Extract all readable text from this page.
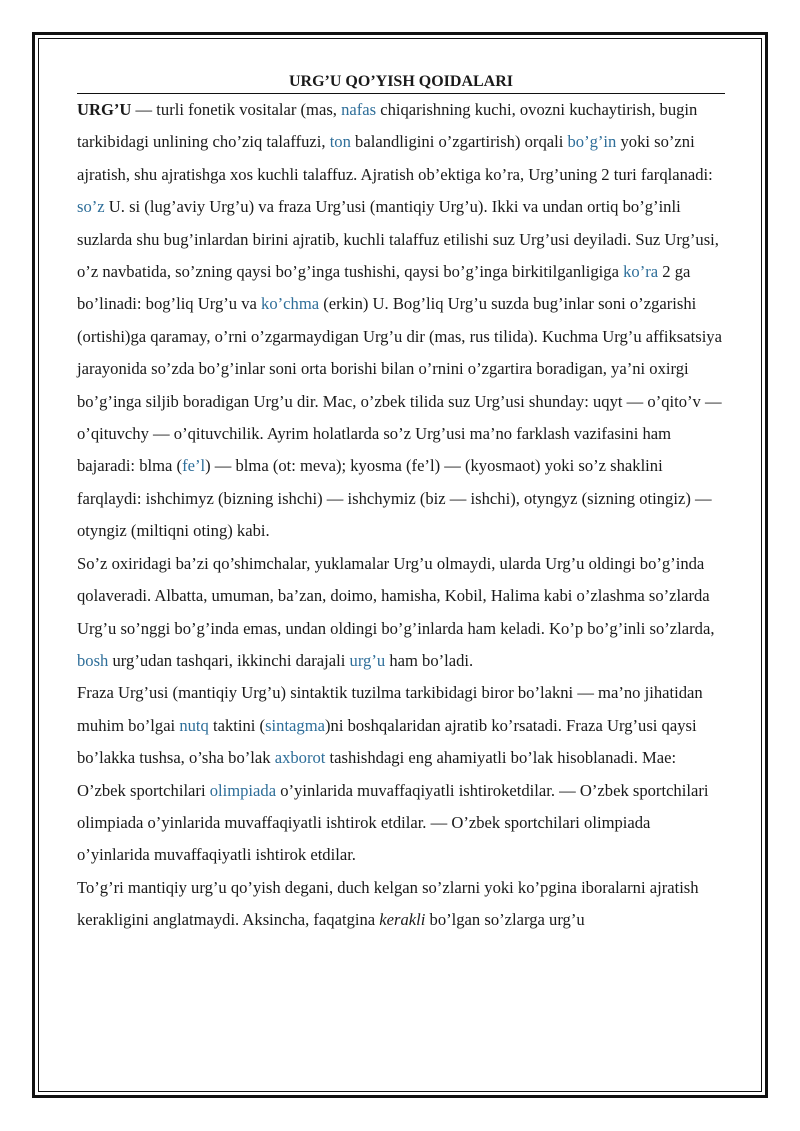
URG’U QO’YISH QOIDALARI

URG’U — turli fonetik vositalar (mas, nafas chiqarishning kuchi, ovozni kuchaytirish, bugin tarkibidagi unlining cho’ziq talaffuzi, ton balandligini o’zgartirish) orqali bo’g’in yoki so’zni ajratish, shu ajratishga xos kuchli talaffuz. Ajratish ob’ektiga ko’ra, Urg’uning 2 turi farqlanadi: so’z U. si (lug’aviy Urg’u) va fraza Urg’usi (mantiqiy Urg’u). Ikki va undan ortiq bo’g’inli suzlarda shu bug’inlardan birini ajratib, kuchli talaffuz etilishi suz Urg’usi deyiladi. Suz Urg’usi, o’z navbatida, so’zning qaysi bo’g’inga tushishi, qaysi bo’g’inga birkitilganligiga ko’ra 2 ga bo’linadi: bog’liq Urg’u va ko’chma (erkin) U. Bog’liq Urg’u suzda bug’inlar soni o’zgarishi (ortishi)ga qaramay, o’rni o’zgarmaydigan Urg’u dir (mas, rus tilida). Kuchma Urg’u affiksatsiya jarayonida so’zda bo’g’inlar soni orta borishi bilan o’rnini o’zgartira boradigan, ya’ni oxirgi bo’g’inga siljib boradigan Urg’u dir. Mac, o’zbek tilida suz Urg’usi shunday: uqyt — o’qito’v — o’qituvchy — o’qituvchilik. Ayrim holatlarda so’z Urg’usi ma’no farklash vazifasini ham bajaradi: blma (fe’l) — blma (ot: meva); kyosma (fe’l) — (kyosmaot) yoki so’z shaklini farqlaydi: ishchimyz (bizning ishchi) — ishchymiz (biz — ishchi), otyngyz (sizning otingiz) — otyngiz (miltiqni oting) kabi.

So’z oxiridagi ba’zi qo’shimchalar, yuklamalar Urg’u olmaydi, ularda Urg’u oldingi bo’g’inda qolaveradi. Albatta, umuman, ba’zan, doimo, hamisha, Kobil, Halima kabi o’zlashma so’zlarda Urg’u so’nggi bo’g’inda emas, undan oldingi bo’g’inlarda ham keladi. Ko’p bo’g’inli so’zlarda, bosh urg’udan tashqari, ikkinchi darajali urg’u ham bo’ladi.

Fraza Urg’usi (mantiqiy Urg’u) sintaktik tuzilma tarkibidagi biror bo’lakni — ma’no jihatidan muhim bo’lgai nutq taktini (sintagma)ni boshqalaridan ajratib ko’rsatadi. Fraza Urg’usi qaysi bo’lakka tushsa, o’sha bo’lak axborot tashishdagi eng ahamiyatli bo’lak hisoblanadi. Mae: O’zbek sportchilari olimpiada o’yinlarida muvaffaqiyatli ishtiroketdilar. — O’zbek sportchilari olimpiada o’yinlarida muvaffaqiyatli ishtirok etdilar. — O’zbek sportchilari olimpiada o’yinlarida muvaffaqiyatli ishtirok etdilar.

To’g’ri mantiqiy urg’u qo’yish degani, duch kelgan so’zlarni yoki ko’pgina iboralarni ajratish kerakligini anglatmaydi. Aksincha, faqatgina kerakli bo’lgan so’zlarga urg’u
